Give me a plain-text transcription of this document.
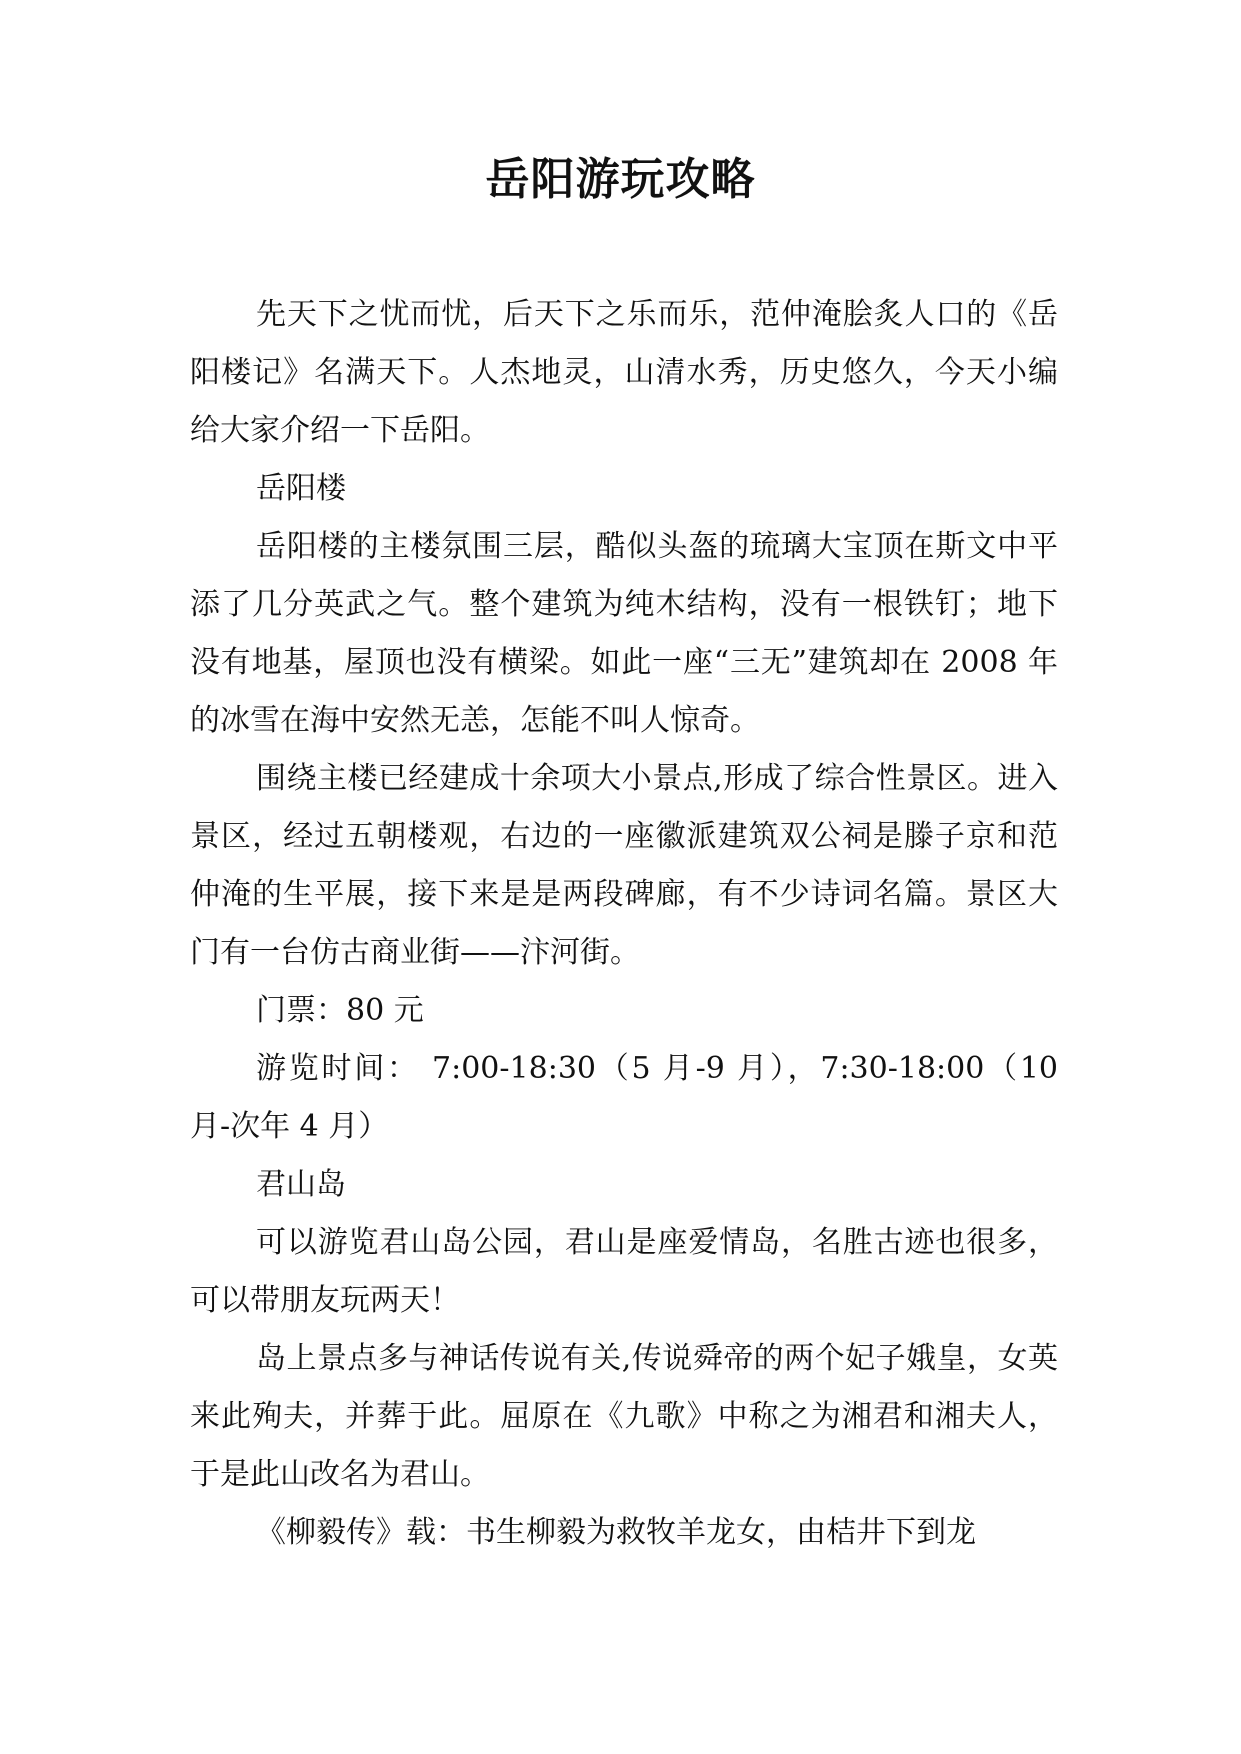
岳阳游玩攻略

先天下之忧而忧，后天下之乐而乐，范仲淹脍炙人口的《岳阳楼记》名满天下。人杰地灵，山清水秀，历史悠久，今天小编给大家介绍一下岳阳。

岳阳楼

岳阳楼的主楼氛围三层，酷似头盔的琉璃大宝顶在斯文中平添了几分英武之气。整个建筑为纯木结构，没有一根铁钉；地下没有地基，屋顶也没有横梁。如此一座“三无”建筑却在 2008 年的冰雪在海中安然无恙，怎能不叫人惊奇。

围绕主楼已经建成十余项大小景点,形成了综合性景区。进入景区，经过五朝楼观，右边的一座徽派建筑双公祠是滕子京和范仲淹的生平展，接下来是是两段碑廊，有不少诗词名篇。景区大门有一台仿古商业街——汴河街。

门票：80 元

游览时间： 7:00-18:30（5 月-9 月），7:30-18:00（10 月-次年 4 月）

君山岛

可以游览君山岛公园，君山是座爱情岛，名胜古迹也很多，可以带朋友玩两天！

岛上景点多与神话传说有关,传说舜帝的两个妃子娥皇，女英来此殉夫，并葬于此。屈原在《九歌》中称之为湘君和湘夫人，于是此山改名为君山。

《柳毅传》载：书生柳毅为救牧羊龙女，由桔井下到龙
